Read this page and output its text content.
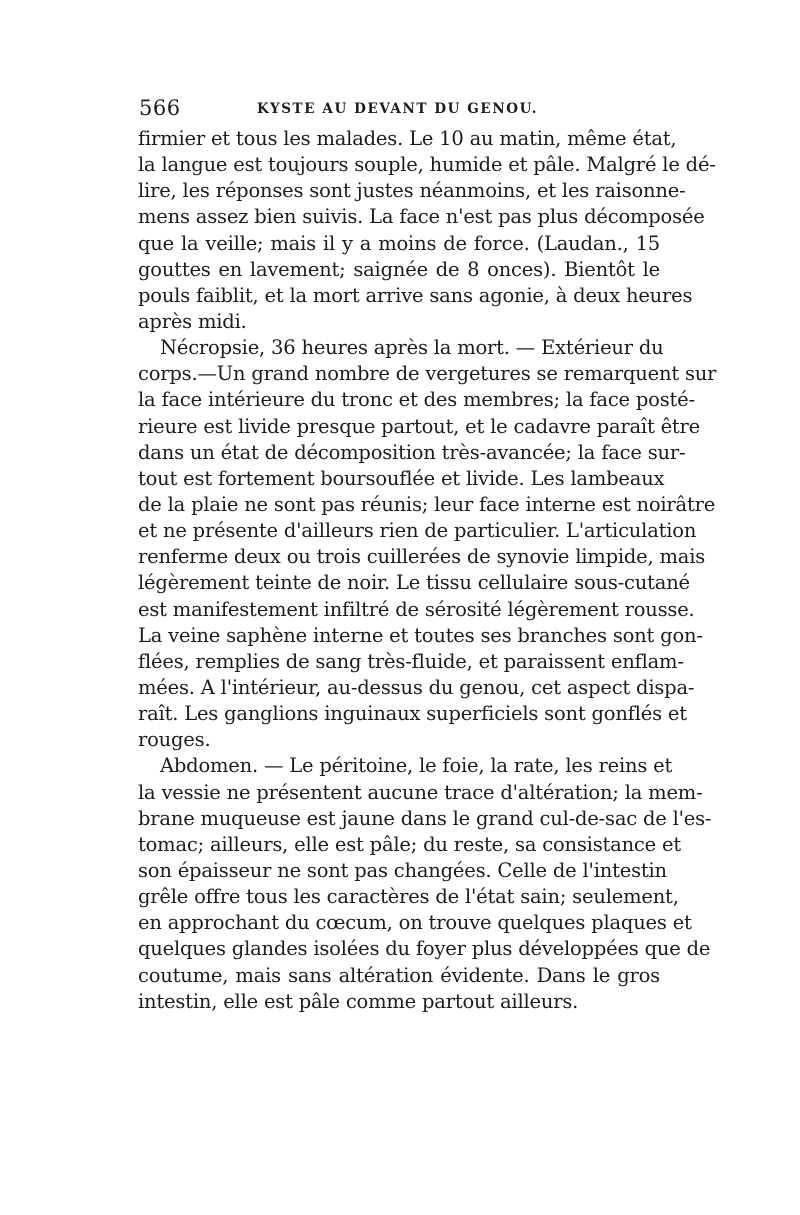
566	KYSTE AU DEVANT DU GENOU.
firmier et tous les malades. Le 10 au matin, même état,
la langue est toujours souple, humide et pâle. Malgré le dé-
lire, les réponses sont justes néanmoins, et les raisonne-
mens assez bien suivis. La face n'est pas plus décomposée
que la veille; mais il y a moins de force. (Laudan., 15
gouttes en lavement; saignée de 8 onces). Bientôt le
pouls faiblit, et la mort arrive sans agonie, à deux heures
après midi.
Nécropsie, 36 heures après la mort. — Extérieur du
corps.—Un grand nombre de vergetures se remarquent sur
la face intérieure du tronc et des membres; la face posté-
rieure est livide presque partout, et le cadavre paraît être
dans un état de décomposition très-avancée; la face sur-
tout est fortement boursouflée et livide. Les lambeaux
de la plaie ne sont pas réunis; leur face interne est noirâtre
et ne présente d'ailleurs rien de particulier. L'articulation
renferme deux ou trois cuillerées de synovie limpide, mais
légèrement teinte de noir. Le tissu cellulaire sous-cutané
est manifestement infiltré de sérosité légèrement rousse.
La veine saphène interne et toutes ses branches sont gon-
flées, remplies de sang très-fluide, et paraissent enflam-
mées. A l'intérieur, au-dessus du genou, cet aspect dispa-
raît. Les ganglions inguinaux superficiels sont gonflés et
rouges.
Abdomen. — Le péritoine, le foie, la rate, les reins et
la vessie ne présentent aucune trace d'altération; la mem-
brane muqueuse est jaune dans le grand cul-de-sac de l'es-
tomac; ailleurs, elle est pâle; du reste, sa consistance et
son épaisseur ne sont pas changées. Celle de l'intestin
grêle offre tous les caractères de l'état sain; seulement,
en approchant du cœcum, on trouve quelques plaques et
quelques glandes isolées du foyer plus développées que de
coutume, mais sans altération évidente. Dans le gros
intestin, elle est pâle comme partout ailleurs.
